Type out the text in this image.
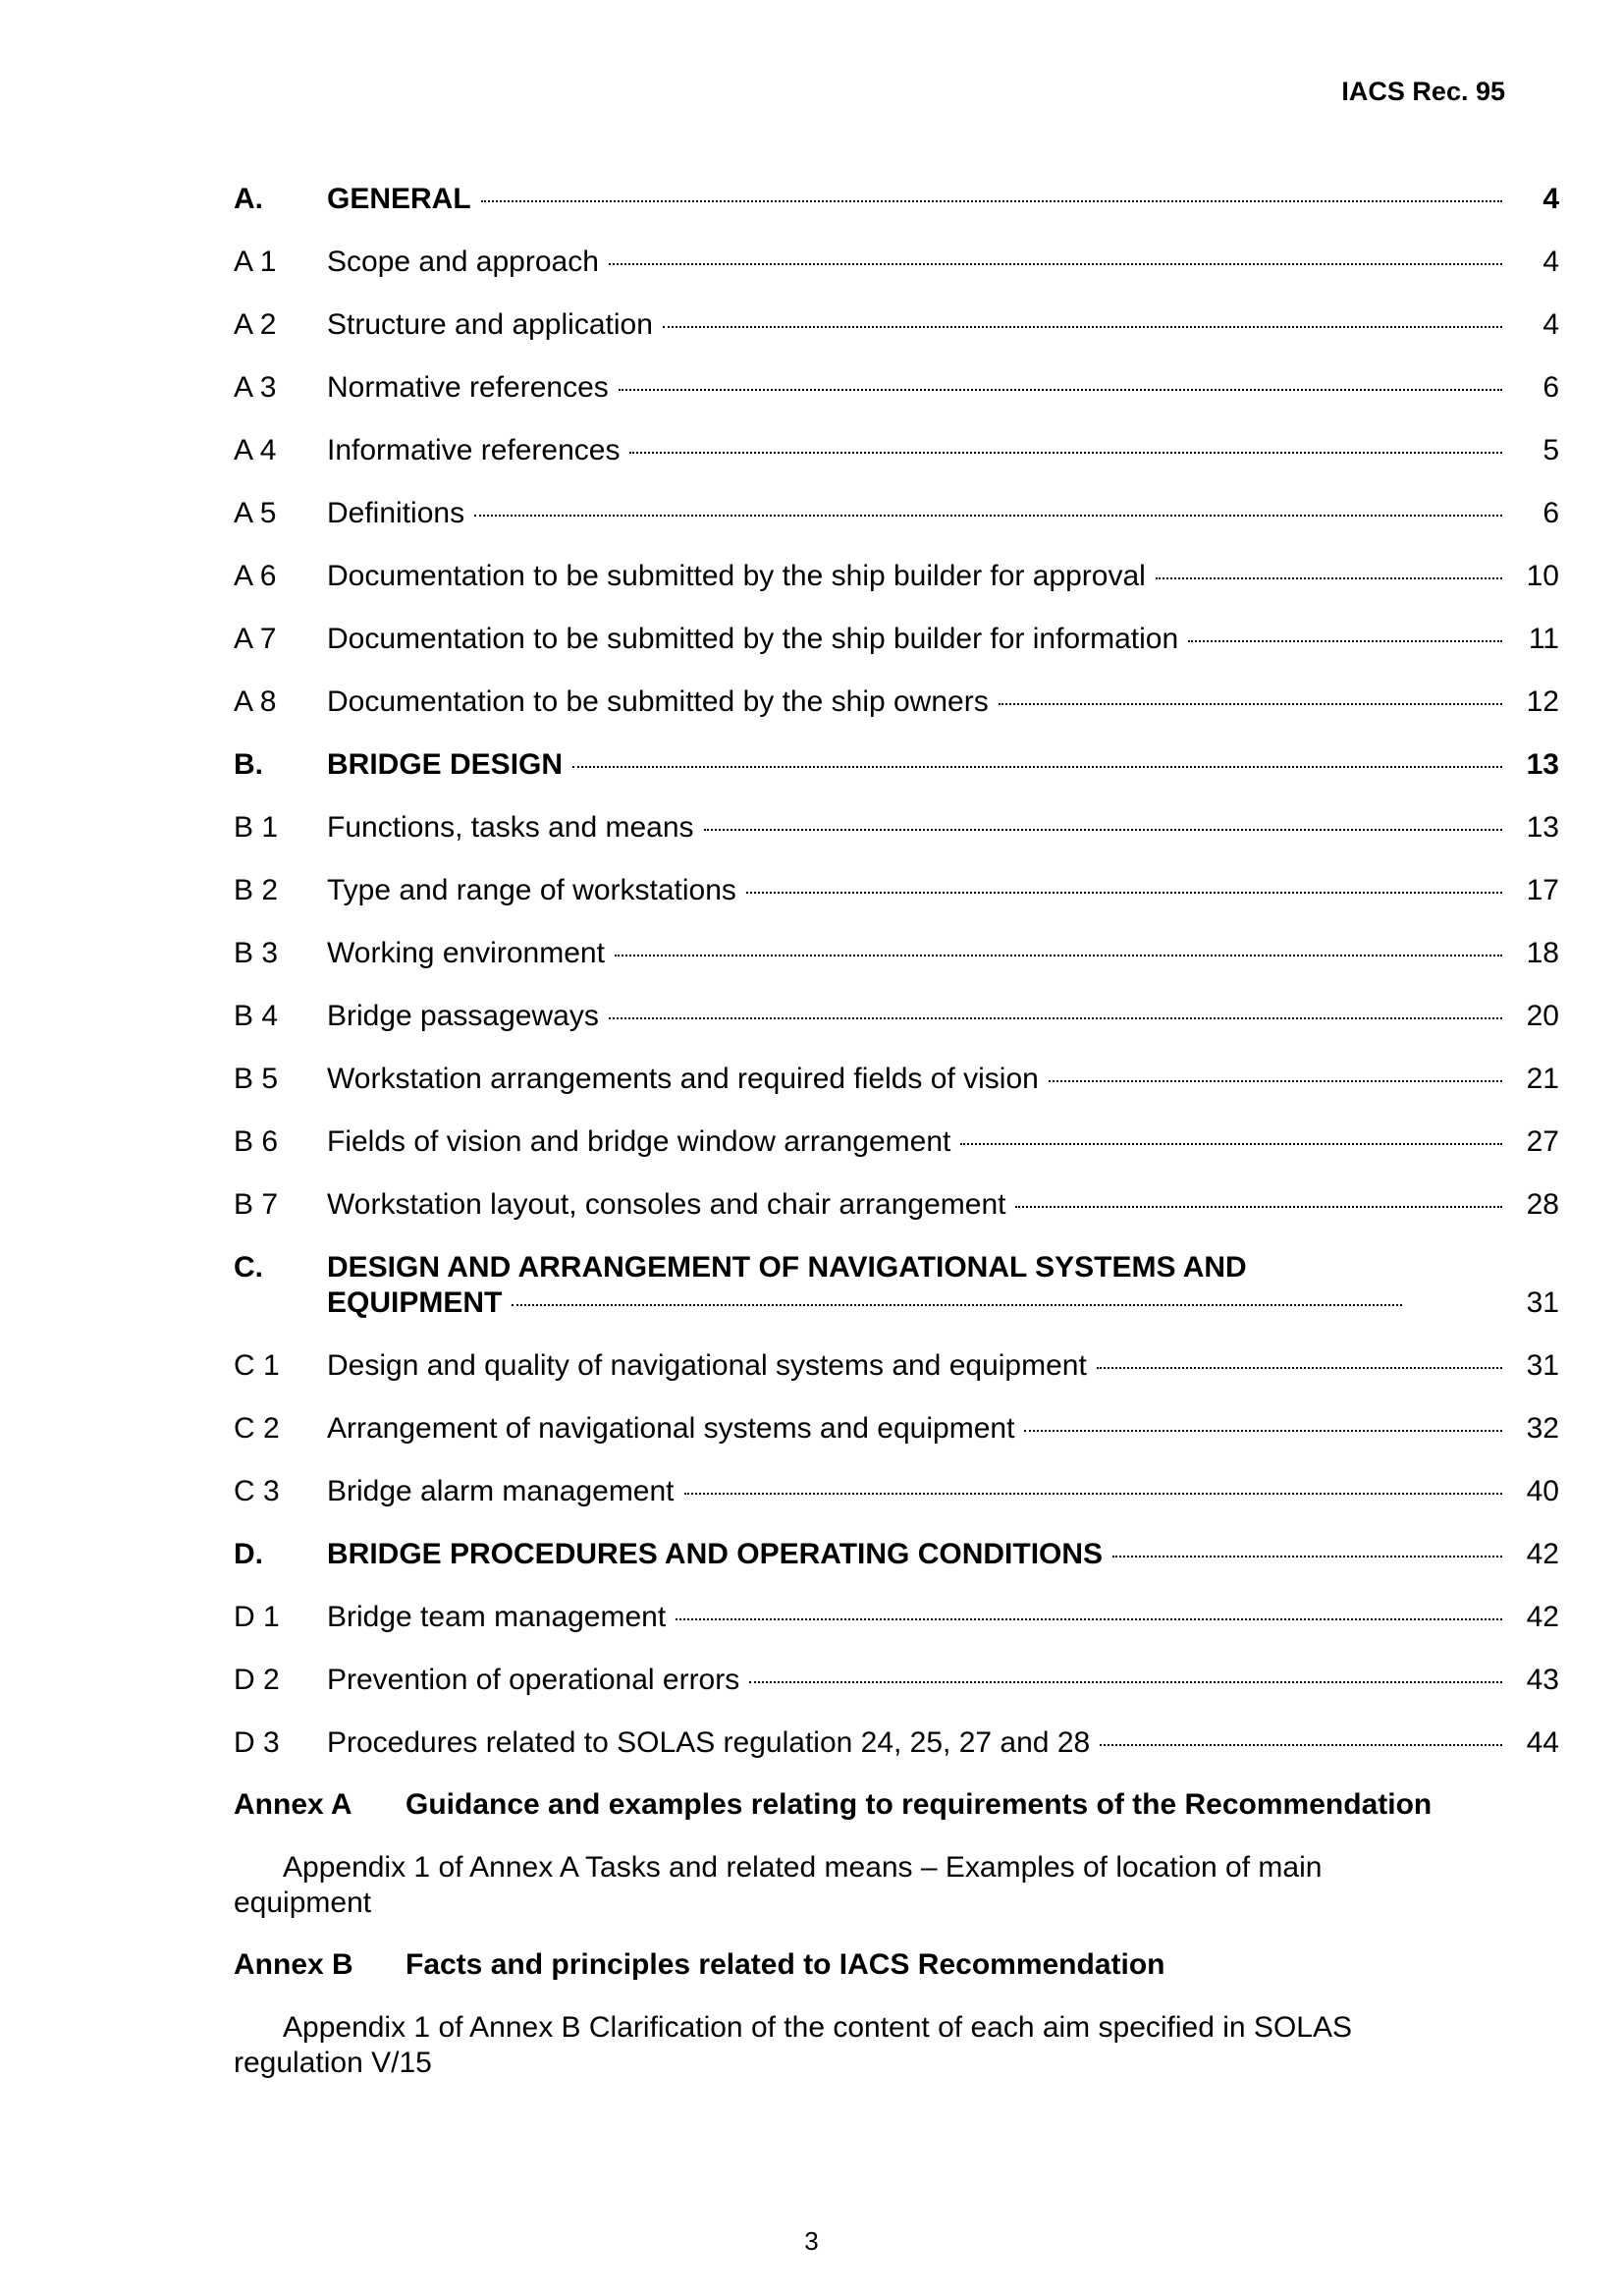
IACS Rec. 95
A.	GENERAL	4
A 1	Scope and approach	4
A 2	Structure and application	4
A 3	Normative references	6
A 4	Informative references	5
A 5	Definitions	6
A 6	Documentation to be submitted by the ship builder for approval	10
A 7	Documentation to be submitted by the ship builder for information	11
A 8	Documentation to be submitted by the ship owners	12
B.	BRIDGE DESIGN	13
B 1	Functions, tasks and means	13
B 2	Type and range of workstations	17
B 3	Working environment	18
B 4	Bridge passageways	20
B 5	Workstation arrangements and required fields of vision	21
B 6	Fields of vision and bridge window arrangement	27
B 7	Workstation layout, consoles and chair arrangement	28
C.	DESIGN AND ARRANGEMENT OF NAVIGATIONAL SYSTEMS AND
EQUIPMENT	31
C 1	Design and quality of navigational systems and equipment	31
C 2	Arrangement of navigational systems and equipment	32
C 3	Bridge alarm management	40
D.	BRIDGE PROCEDURES AND OPERATING CONDITIONS	42
D 1	Bridge team management	42
D 2	Prevention of operational errors	43
D 3	Procedures related to SOLAS regulation 24, 25, 27 and 28	44
Annex A	Guidance and examples relating to requirements of the Recommendation
Appendix 1 of Annex A Tasks and related means – Examples of location of main equipment
Annex B	Facts and principles related to IACS Recommendation
Appendix 1 of Annex B Clarification of the content of each aim specified in SOLAS regulation V/15
3
